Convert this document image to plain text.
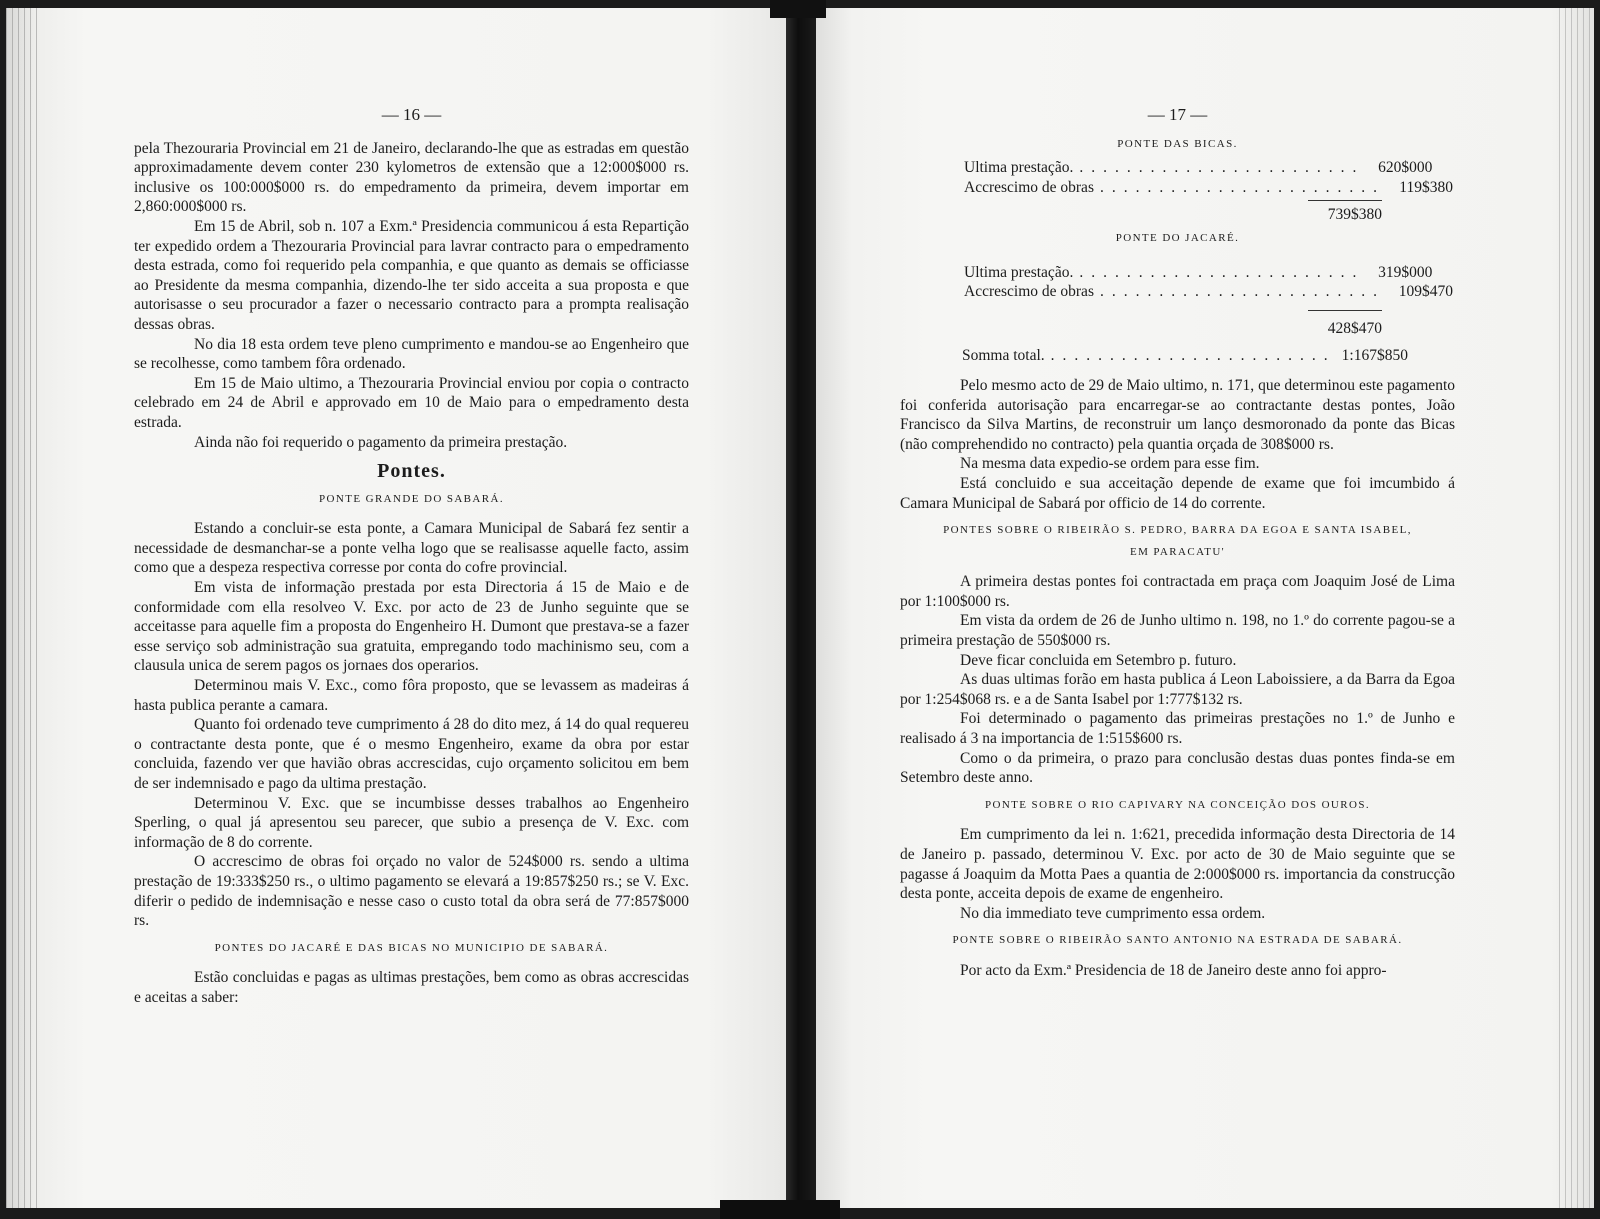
— 16 —

pela Thezouraria Provincial em 21 de Janeiro, declarando-lhe que as estradas em questão approximadamente devem conter 230 kylometros de extensão que a 12:000$000 rs. inclusive os 100:000$000 rs. do empedramento da primeira, devem importar em 2,860:000$000 rs.

Em 15 de Abril, sob n. 107 a Exm.ª Presidencia communicou á esta Repartição ter expedido ordem a Thezouraria Provincial para lavrar contracto para o empedramento desta estrada, como foi requerido pela companhia, e que quanto as demais se officiasse ao Presidente da mesma companhia, dizendo-lhe ter sido acceita a sua proposta e que autorisasse o seu procurador a fazer o necessario contracto para a prompta realisação dessas obras.

No dia 18 esta ordem teve pleno cumprimento e mandou-se ao Engenheiro que se recolhesse, como tambem fôra ordenado.

Em 15 de Maio ultimo, a Thezouraria Provincial enviou por copia o contracto celebrado em 24 de Abril e approvado em 10 de Maio para o empedramento desta estrada.

Ainda não foi requerido o pagamento da primeira prestação.

Pontes.
PONTE GRANDE DO SABARÁ.

Estando a concluir-se esta ponte, a Camara Municipal de Sabará fez sentir a necessidade de desmanchar-se a ponte velha logo que se realisasse aquelle facto, assim como que a despeza respectiva corresse por conta do cofre provincial.

Em vista de informação prestada por esta Directoria á 15 de Maio e de conformidade com ella resolveo V. Exc. por acto de 23 de Junho seguinte que se acceitasse para aquelle fim a proposta do Engenheiro H. Dumont que prestava-se a fazer esse serviço sob administração sua gratuita, empregando todo machinismo seu, com a clausula unica de serem pagos os jornaes dos operarios.

Determinou mais V. Exc., como fôra proposto, que se levassem as madeiras á hasta publica perante a camara.

Quanto foi ordenado teve cumprimento á 28 do dito mez, á 14 do qual requereu o contractante desta ponte, que é o mesmo Engenheiro, exame da obra por estar concluida, fazendo ver que havião obras accrescidas, cujo orçamento solicitou em bem de ser indemnisado e pago da ultima prestação.

Determinou V. Exc. que se incumbisse desses trabalhos ao Engenheiro Sperling, o qual já apresentou seu parecer, que subio a presença de V. Exc. com informação de 8 do corrente.

O accrescimo de obras foi orçado no valor de 524$000 rs. sendo a ultima prestação de 19:333$250 rs., o ultimo pagamento se elevará a 19:857$250 rs.; se V. Exc. diferir o pedido de indemnisação e nesse caso o custo total da obra será de 77:857$000 rs.

PONTES DO JACARÉ E DAS BICAS NO MUNICIPIO DE SABARÁ.

Estão concluidas e pagas as ultimas prestações, bem como as obras accrescidas e aceitas a saber:

— 17 —
PONTE DAS BICAS.
Ultima prestação. ........................ 620$000
Accrescimo de obras ........................ 119$380
739$380
PONTE DO JACARÉ.
Ultima prestação. ........................ 319$000
Accrescimo de obras ........................ 109$470
428$470
Somma total. ........................ 1:167$850

Pelo mesmo acto de 29 de Maio ultimo, n. 171, que determinou este pagamento foi conferida autorisação para encarregar-se ao contractante destas pontes, João Francisco da Silva Martins, de reconstruir um lanço desmoronado da ponte das Bicas (não comprehendido no contracto) pela quantia orçada de 308$000 rs.

Na mesma data expedio-se ordem para esse fim.

Está concluido e sua acceitação depende de exame que foi imcumbido á Camara Municipal de Sabará por officio de 14 do corrente.

PONTES SOBRE O RIBEIRÃO S. PEDRO, BARRA DA EGOA E SANTA ISABEL,
EM PARACATU'

A primeira destas pontes foi contractada em praça com Joaquim José de Lima por 1:100$000 rs.

Em vista da ordem de 26 de Junho ultimo n. 198, no 1.º do corrente pagou-se a primeira prestação de 550$000 rs.

Deve ficar concluida em Setembro p. futuro.

As duas ultimas forão em hasta publica á Leon Laboissiere, a da Barra da Egoa por 1:254$068 rs. e a de Santa Isabel por 1:777$132 rs.

Foi determinado o pagamento das primeiras prestações no 1.º de Junho e realisado á 3 na importancia de 1:515$600 rs.

Como o da primeira, o prazo para conclusão destas duas pontes finda-se em Setembro deste anno.

PONTE SOBRE O RIO CAPIVARY NA CONCEIÇÃO DOS OUROS.

Em cumprimento da lei n. 1:621, precedida informação desta Directoria de 14 de Janeiro p. passado, determinou V. Exc. por acto de 30 de Maio seguinte que se pagasse á Joaquim da Motta Paes a quantia de 2:000$000 rs. importancia da construcção desta ponte, acceita depois de exame de engenheiro.

No dia immediato teve cumprimento essa ordem.

PONTE SOBRE O RIBEIRÃO SANTO ANTONIO NA ESTRADA DE SABARÁ.

Por acto da Exm.ª Presidencia de 18 de Janeiro deste anno foi appro-
